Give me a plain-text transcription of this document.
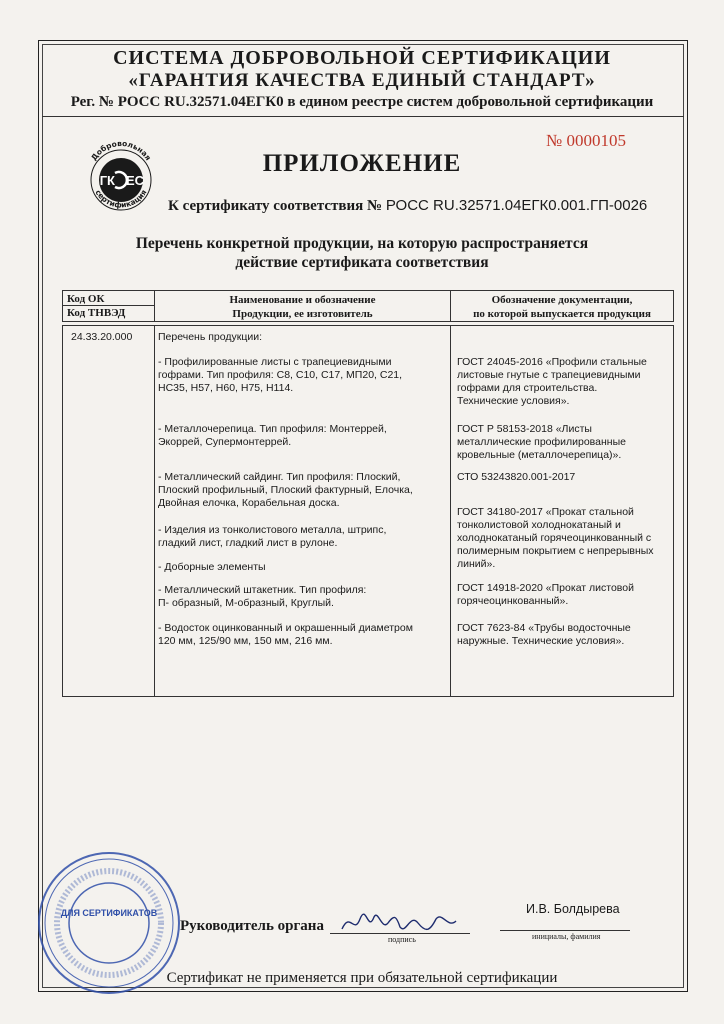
СИСТЕМА ДОБРОВОЛЬНОЙ СЕРТИФИКАЦИИ
«ГАРАНТИЯ КАЧЕСТВА ЕДИНЫЙ СТАНДАРТ»
Рег. № РОСС RU.32571.04ЕГК0 в едином реестре систем добровольной сертификации
Добровольная
сертификация
ГК ЕС
№ 0000105
ПРИЛОЖЕНИЕ
К сертификату соответствия № РОСС RU.32571.04ЕГК0.001.ГП-0026
Перечень конкретной продукции, на которую распространяется
действие сертификата соответствия
Код ОК
Код ТНВЭД
Наименование и обозначение
Продукции, ее изготовитель
Обозначение документации,
по которой выпускается продукция
24.33.20.000 Перечень продукции:
- Профилированные листы с трапециевидными
гофрами. Тип профиля: С8, С10, С17, МП20, С21,
НС35, Н57, Н60, Н75, Н114.
- Металлочерепица. Тип профиля: Монтеррей,
Экоррей, Супермонтеррей.
- Металлический сайдинг. Тип профиля: Плоский,
Плоский профильный, Плоский фактурный, Елочка,
Двойная елочка, Корабельная доска.
- Изделия из тонколистового металла, штрипс,
гладкий лист, гладкий лист в рулоне.
- Доборные элементы
- Металлический штакетник. Тип профиля:
П- образный, М-образный, Круглый.
- Водосток оцинкованный и окрашенный диаметром
120 мм, 125/90 мм, 150 мм, 216 мм.
ГОСТ 24045-2016 «Профили стальные
листовые гнутые с трапециевидными
гофрами для строительства.
Технические условия».
ГОСТ Р 58153-2018 «Листы
металлические профилированные
кровельные (металлочерепица)».
СТО 53243820.001-2017
ГОСТ 34180-2017 «Прокат стальной
тонколистовой холоднокатаный и
холоднокатаный горячеоцинкованный с
полимерным покрытием с непрерывных
линий».
ГОСТ 14918-2020 «Прокат листовой
горячеоцинкованный».
ГОСТ 7623-84 «Трубы водосточные
наружные. Технические условия».
ДЛЯ СЕРТИФИКАТОВ
Руководитель органа
подпись
И.В. Болдырева
инициалы, фамилия
Сертификат не применяется при обязательной сертификации
